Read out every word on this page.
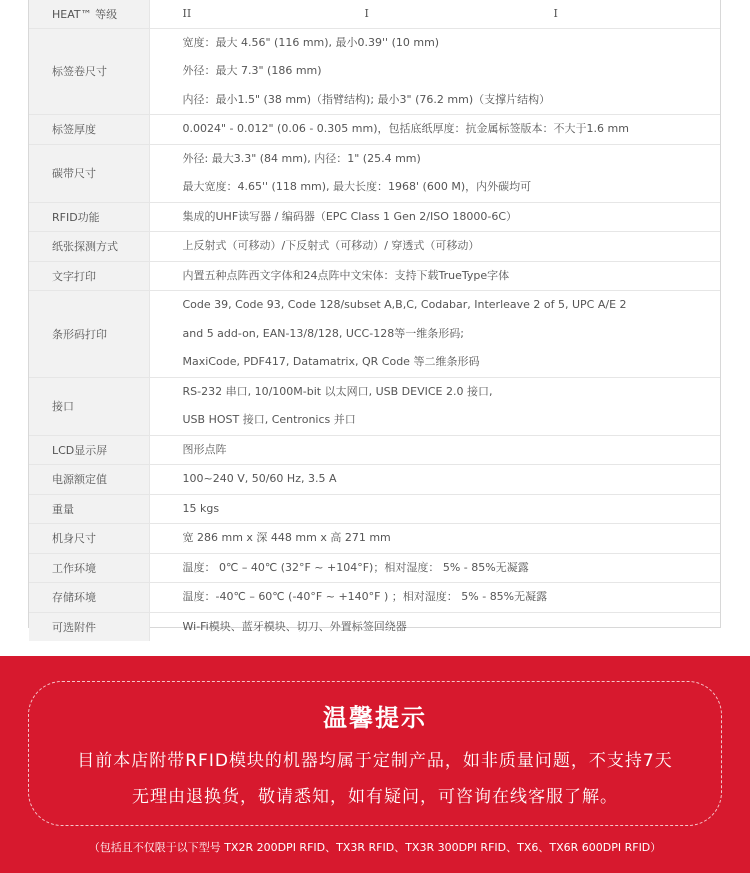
HEAT™ 等级	II I I

标签卷尺寸	宽度：最大 4.56" (116 mm), 最小0.39'' (10 mm)
外径：最大 7.3" (186 mm)
内径：最小1.5" (38 mm)（指臂结构); 最小3" (76.2 mm)（支撑片结构）

标签厚度	0.0024" - 0.012" (0.06 - 0.305 mm)，包括底纸厚度：抗金属标签版本：不大于1.6 mm

碳带尺寸	外径: 最大3.3" (84 mm), 内径：1" (25.4 mm)
最大宽度：4.65'' (118 mm), 最大长度：1968' (600 M)，内外碳均可

RFID功能	集成的UHF读写器 / 编码器（EPC Class 1 Gen 2/ISO 18000-6C）

纸张探测方式	上反射式（可移动）/下反射式（可移动）/ 穿透式（可移动）

文字打印	内置五种点阵西文字体和24点阵中文宋体：支持下载TrueType字体

条形码打印	Code 39, Code 93, Code 128/subset A,B,C, Codabar, Interleave 2 of 5, UPC A/E 2
and 5 add-on, EAN-13/8/128, UCC-128等一维条形码;
MaxiCode, PDF417, Datamatrix, QR Code 等二维条形码

接口	RS-232 串口, 10/100M-bit 以太网口, USB DEVICE 2.0 接口,
USB HOST 接口, Centronics 并口

LCD显示屏	图形点阵

电源额定值	100~240 V, 50/60 Hz, 3.5 A

重量	15 kgs

机身尺寸	宽 286 mm x 深 448 mm x 高 271 mm

工作环境	温度： 0℃ – 40℃ (32°F ~ +104°F)；相对湿度： 5% - 85%无凝露

存储环境	温度：-40℃ – 60℃ (-40°F ~ +140°F ) ；相对湿度： 5% - 85%无凝露

可选附件	Wi-Fi模块、蓝牙模块、切刀、外置标签回绕器
温馨提示
目前本店附带RFID模块的机器均属于定制产品，如非质量问题，不支持7天
无理由退换货，敬请悉知，如有疑问，可咨询在线客服了解。
（包括且不仅限于以下型号 TX2R 200DPI RFID、TX3R RFID、TX3R 300DPI RFID、TX6、TX6R 600DPI RFID）
